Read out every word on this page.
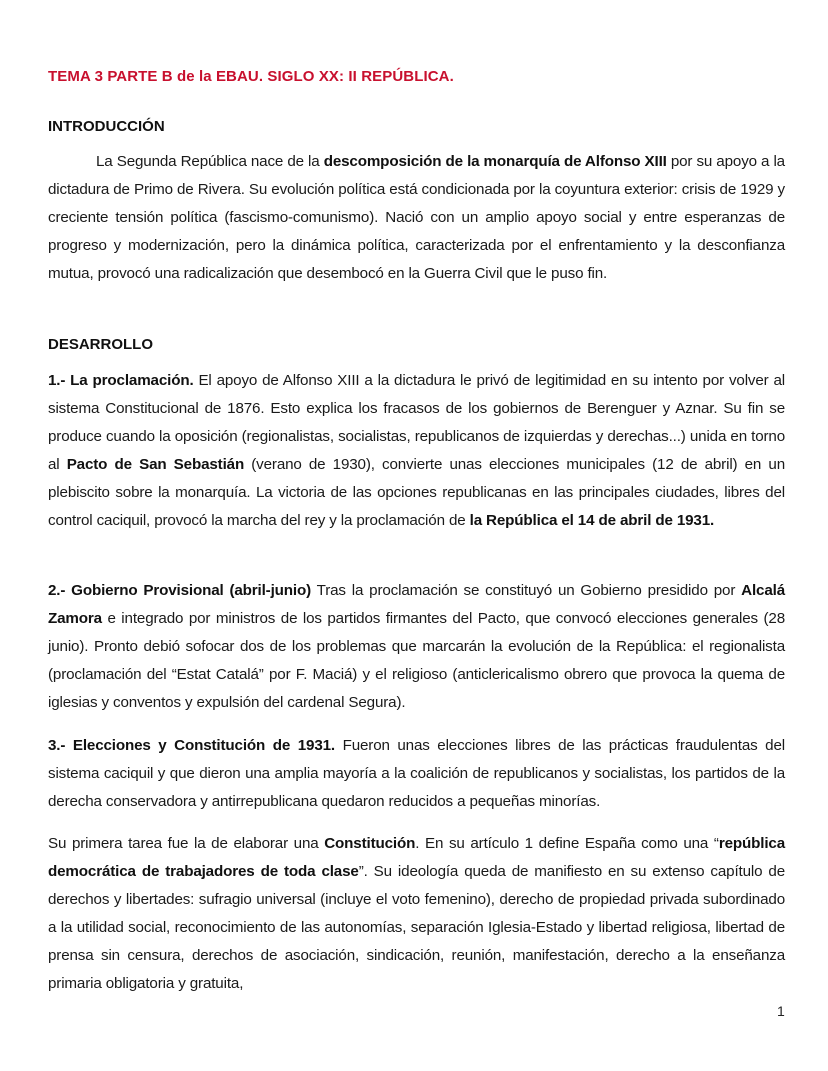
TEMA 3 PARTE B de la EBAU. SIGLO XX: II REPÚBLICA.
INTRODUCCIÓN

La Segunda República nace de la descomposición de la monarquía de Alfonso XIII por su apoyo a la dictadura de Primo de Rivera. Su evolución política está condicionada por la coyuntura exterior: crisis de 1929 y creciente tensión política (fascismo-comunismo). Nació con un amplio apoyo social y entre esperanzas de progreso y modernización, pero la dinámica política, caracterizada por el enfrentamiento y la desconfianza mutua, provocó una radicalización que desembocó en la Guerra Civil que le puso fin.

DESARROLLO

1.- La proclamación. El apoyo de Alfonso XIII a la dictadura le privó de legitimidad en su intento por volver al sistema Constitucional de 1876. Esto explica los fracasos de los gobiernos de Berenguer y Aznar. Su fin se produce cuando la oposición (regionalistas, socialistas, republicanos de izquierdas y derechas...) unida en torno al Pacto de San Sebastián (verano de 1930), convierte unas elecciones municipales (12 de abril) en un plebiscito sobre la monarquía. La victoria de las opciones republicanas en las principales ciudades, libres del control caciquil, provocó la marcha del rey y la proclamación de la República el 14 de abril de 1931.

2.- Gobierno Provisional (abril-junio) Tras la proclamación se constituyó un Gobierno presidido por Alcalá Zamora e integrado por ministros de los partidos firmantes del Pacto, que convocó elecciones generales (28 junio). Pronto debió sofocar dos de los problemas que marcarán la evolución de la República: el regionalista (proclamación del “Estat Catalá” por F. Maciá) y el religioso (anticlericalismo obrero que provoca la quema de iglesias y conventos y expulsión del cardenal Segura).

3.- Elecciones y Constitución de 1931. Fueron unas elecciones libres de las prácticas fraudulentas del sistema caciquil y que dieron una amplia mayoría a la coalición de republicanos y socialistas, los partidos de la derecha conservadora y antirrepublicana quedaron reducidos a pequeñas minorías.

Su primera tarea fue la de elaborar una Constitución. En su artículo 1 define España como una “república democrática de trabajadores de toda clase”. Su ideología queda de manifiesto en su extenso capítulo de derechos y libertades: sufragio universal (incluye el voto femenino), derecho de propiedad privada subordinado a la utilidad social, reconocimiento de las autonomías, separación Iglesia-Estado y libertad religiosa, libertad de prensa sin censura, derechos de asociación, sindicación, reunión, manifestación, derecho a la enseñanza primaria obligatoria y gratuita,

1
